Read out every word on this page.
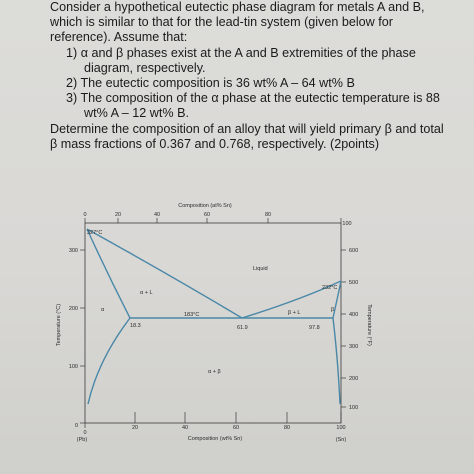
Consider a hypothetical eutectic phase diagram for metals A and B,
which is similar to that for the lead-tin system (given below for
reference). Assume that:
1) α and β phases exist at the A and B extremities of the phase
diagram, respectively.
2) The eutectic composition is 36 wt% A – 64 wt% B
3) The composition of the α phase at the eutectic temperature is 88
wt% A – 12 wt% B.
Determine the composition of an alloy that will yield primary β and total
β mass fractions of 0.367 and 0.768, respectively. (2points)
Composition (at% Sn)
0	20	40	60	80
100
300
200
100
0
Temperature (°C)
600
500
400
300
200
100
Temperature (°F)
0
20	40	60	80	100
(Pb)	(Sn)
Composition (wt% Sn)
327°C
Liquid
232°C
α + L
183°C	β + L
α	β
α + β
18.3	61.9	97.8
